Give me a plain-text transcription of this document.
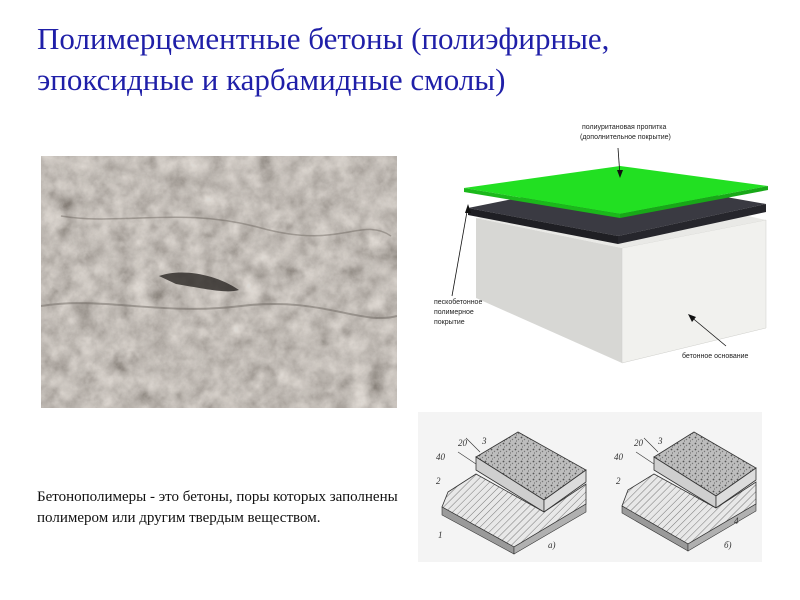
Полимерцементные бетоны (полиэфирные, эпоксидные и карбамидные смолы)
полиуритановая пропитка
(дополнительное покрытие)
пескобетонное
полимерное
покрытие
бетонное основание
40
20 3
2
1
а)
40
20 3
2
4
б)
Бетонополимеры - это бетоны, поры которых заполнены полимером или другим твердым веществом.
